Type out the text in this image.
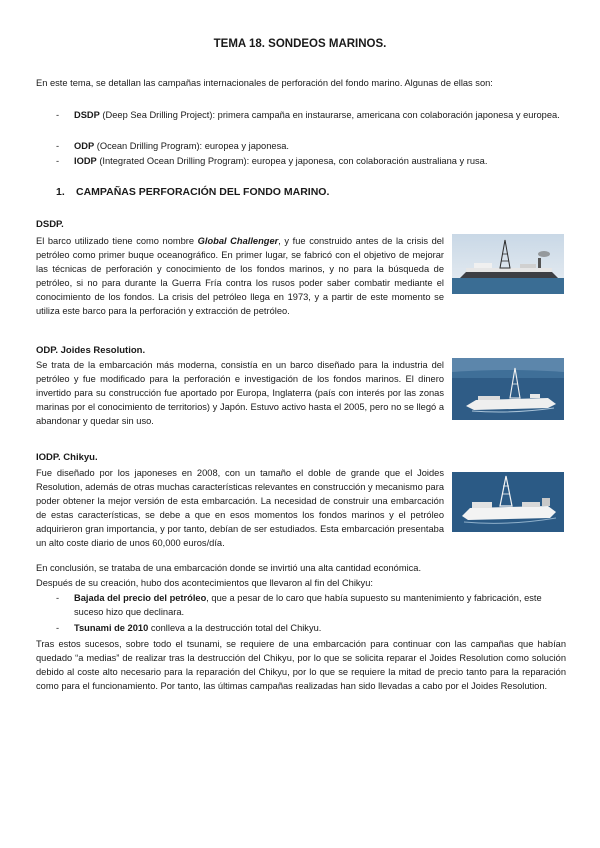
TEMA 18. SONDEOS MARINOS.
En este tema, se detallan las campañas internacionales de perforación del fondo marino. Algunas de ellas son:
- DSDP (Deep Sea Drilling Project): primera campaña en instaurarse, americana con colaboración japonesa y europea.
- ODP (Ocean Drilling Program): europea y japonesa.
- IODP (Integrated Ocean Drilling Program): europea y japonesa, con colaboración australiana y rusa.
1. CAMPAÑAS PERFORACIÓN DEL FONDO MARINO.
DSDP.
El barco utilizado tiene como nombre Global Challenger, y fue construido antes de la crisis del petróleo como primer buque oceanográfico. En primer lugar, se fabricó con el objetivo de mejorar las técnicas de perforación y conocimiento de los fondos marinos, y no para la búsqueda de petróleo, si no para durante la Guerra Fría contra los rusos poder saber combatir mediante el conocimiento de los fondos. La crisis del petróleo llega en 1973, y a partir de este momento se utiliza este barco para la perforación y extracción de petróleo.
ODP. Joides Resolution.
Se trata de la embarcación más moderna, consistía en un barco diseñado para la industria del petróleo y fue modificado para la perforación e investigación de los fondos marinos. El dinero invertido para su construcción fue aportado por Europa, Inglaterra (país con interés por las zonas marinas por el conocimiento de territorios) y Japón. Estuvo activo hasta el 2005, pero no se llegó a abandonar y quedar sin uso.
IODP. Chikyu.
Fue diseñado por los japoneses en 2008, con un tamaño el doble de grande que el Joides Resolution, además de otras muchas características relevantes en construcción y mecanismo para poder obtener la mejor versión de esta embarcación. La necesidad de construir una embarcación de estas características, se debe a que en esos momentos los fondos marinos y el petróleo adquirieron gran importancia, y por tanto, debían de ser estudiados. Esta embarcación presentaba un alto coste diario de unos 60,000 euros/día.
En conclusión, se trataba de una embarcación donde se invirtió una alta cantidad económica.
Después de su creación, hubo dos acontecimientos que llevaron al fin del Chikyu:
- Bajada del precio del petróleo, que a pesar de lo caro que había supuesto su mantenimiento y fabricación, este suceso hizo que declinara.
- Tsunami de 2010 conlleva a la destrucción total del Chikyu.
Tras estos sucesos, sobre todo el tsunami, se requiere de una embarcación para continuar con las campañas que habían quedado “a medias” de realizar tras la destrucción del Chikyu, por lo que se solicita reparar el Joides Resolution como solución debido al coste alto necesario para la reparación del Chikyu, por lo que se requiere la mitad de precio tanto para la reparación como para el funcionamiento. Por tanto, las últimas campañas realizadas han sido llevadas a cabo por el Joides Resolution.
